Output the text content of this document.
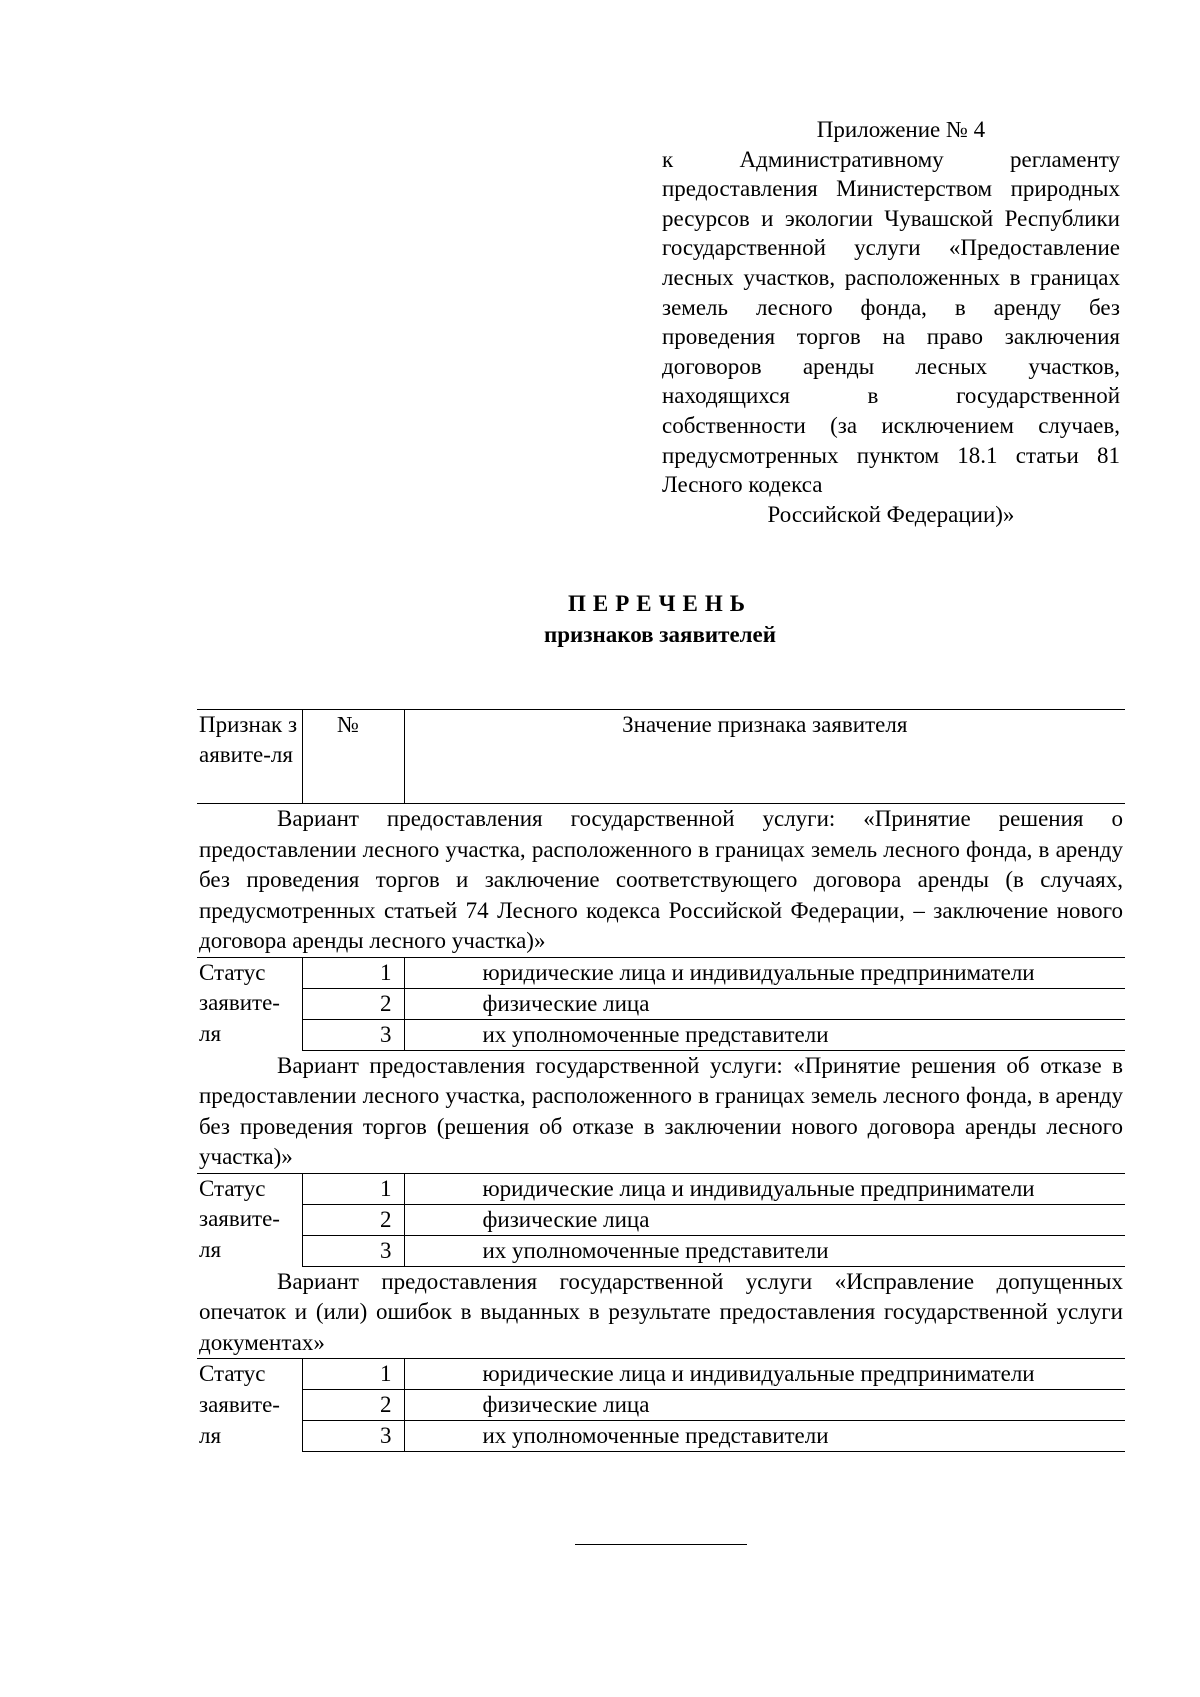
Приложение № 4
к Административному регламенту предоставления Министерством природных ресурсов и экологии Чувашской Республики государственной услуги «Предоставление лесных участков, расположенных в границах земель лесного фонда, в аренду без проведения торгов на право заключения договоров аренды лесных участков, находящихся в государственной собственности (за исключением случаев, предусмотренных пунктом 18.1 статьи 81 Лесного кодекса
Российской Федерации)»
ПЕРЕЧЕНЬ
признаков заявителей
Признак заявите-ля	№	Значение признака заявителя
Вариант предоставления государственной услуги: «Принятие решения о предоставлении лесного участка, расположенного в границах земель лесного фонда, в аренду без проведения торгов и заключение соответствующего договора аренды (в случаях, предусмотренных статьей 74 Лесного кодекса Российской Федерации, – заключение нового договора аренды лесного участка)»		
Статус	1	юридические лица и индивидуальные предприниматели
заявите-	2	физические лица
ля	3	их уполномоченные представители
Вариант предоставления государственной услуги: «Принятие решения об отказе в предоставлении лесного участка, расположенного в границах земель лесного фонда, в аренду без проведения торгов (решения об отказе в заключении нового договора аренды лесного участка)»		
Статус	1	юридические лица и индивидуальные предприниматели
заявите-	2	физические лица
ля	3	их уполномоченные представители
Вариант предоставления государственной услуги «Исправление допущенных опечаток и (или) ошибок в выданных в результате предоставления государственной услуги документах»		
Статус	1	юридические лица и индивидуальные предприниматели
заявите-	2	физические лица
ля	3	их уполномоченные представители
